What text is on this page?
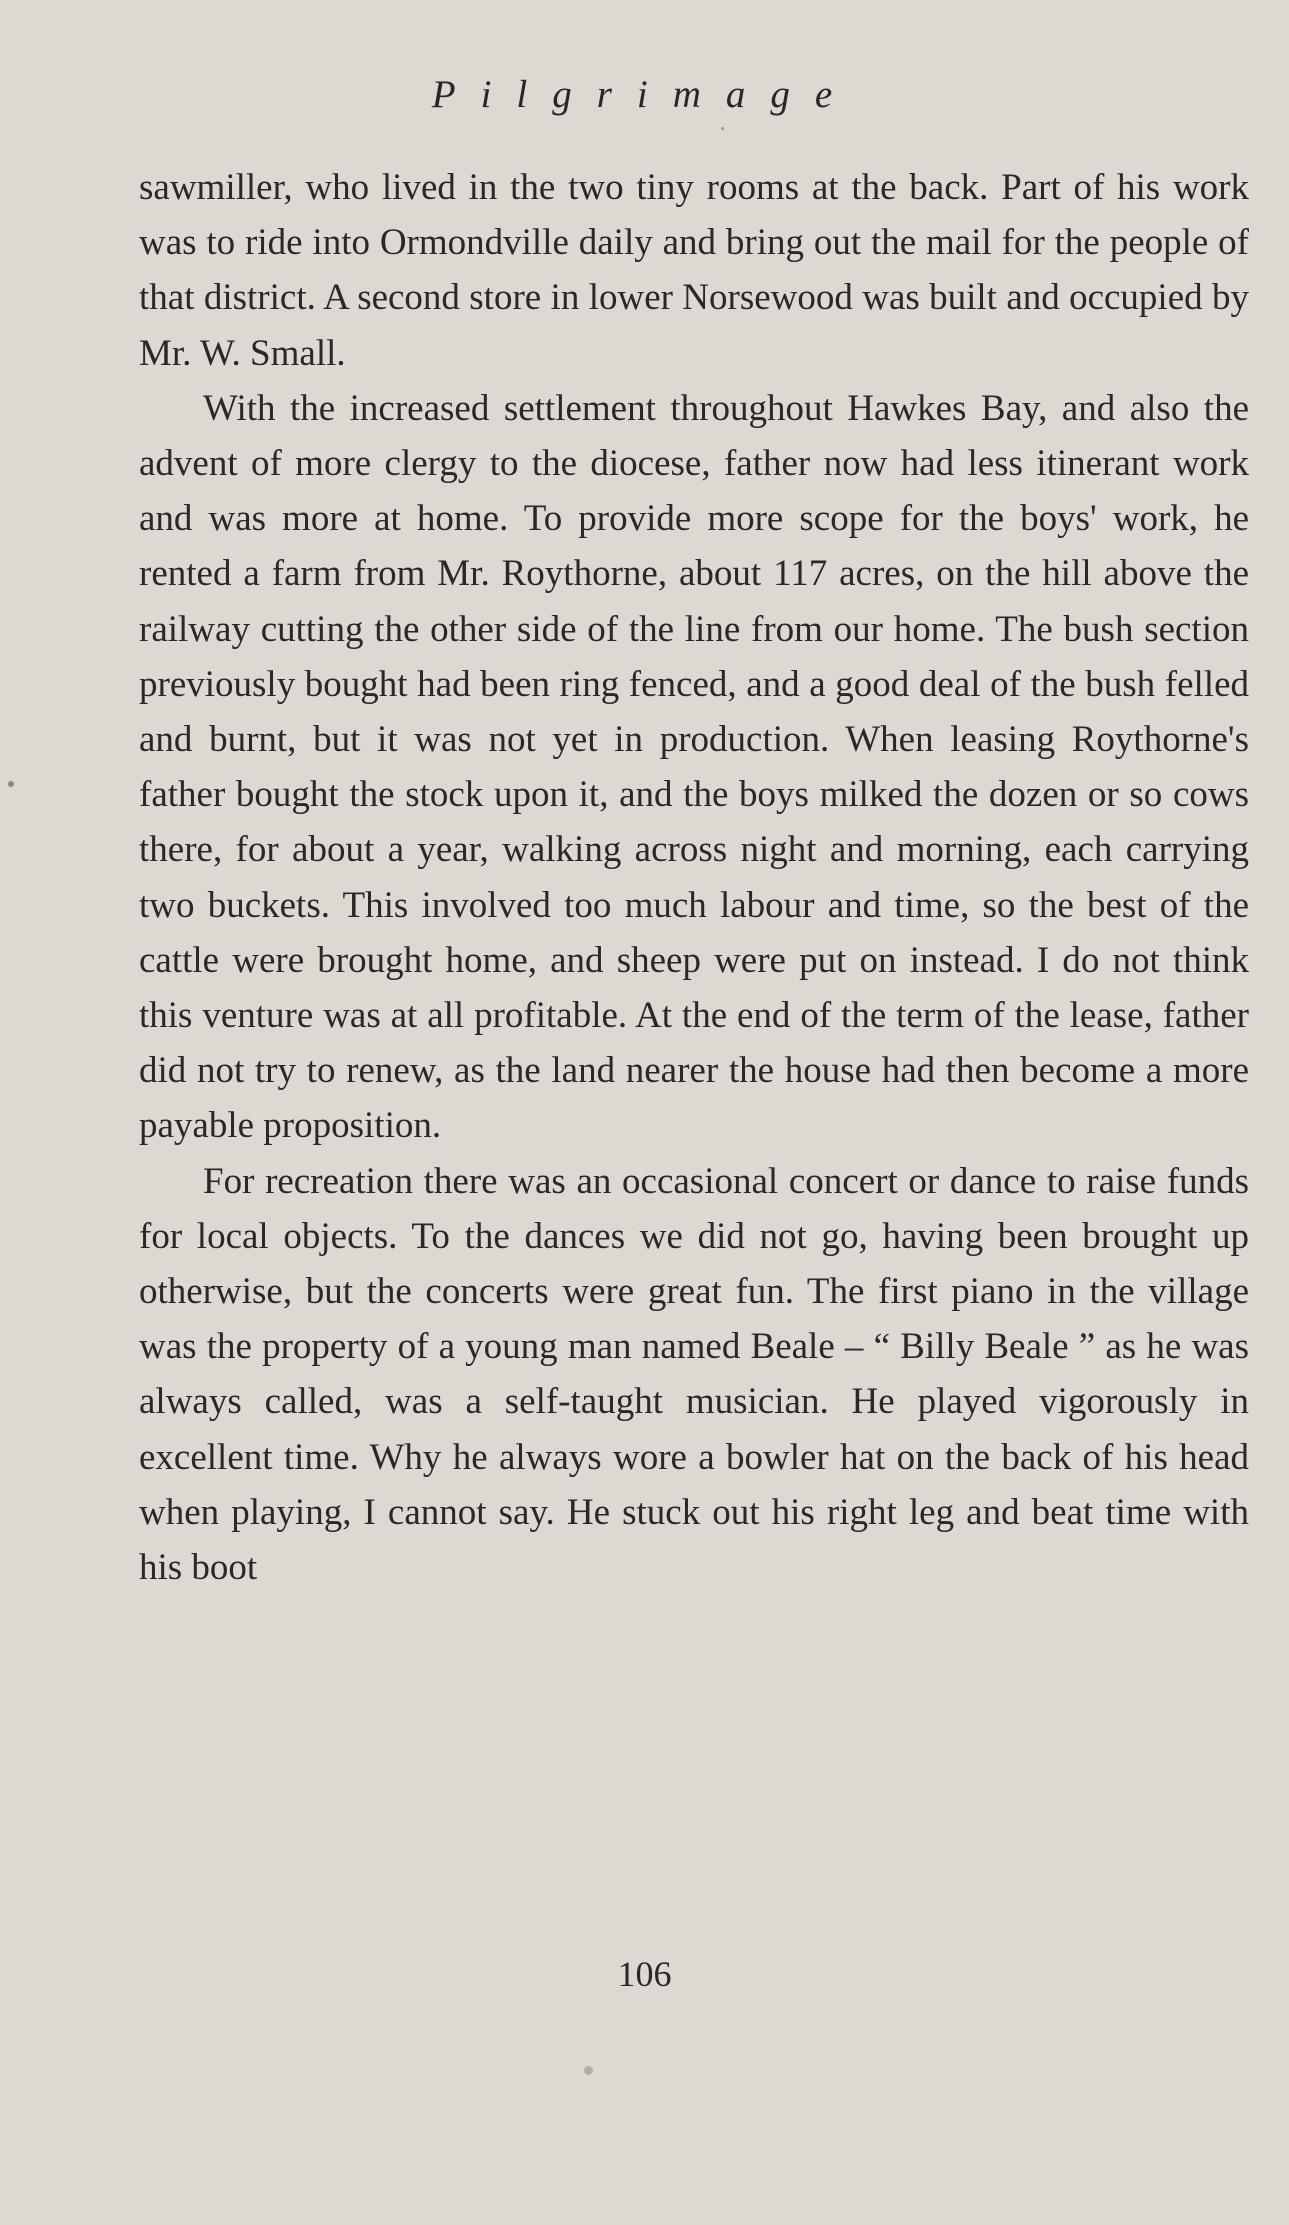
Pilgrimage

sawmiller, who lived in the two tiny rooms at the back. Part of his work was to ride into Ormondville daily and bring out the mail for the people of that district. A second store in lower Norsewood was built and occupied by Mr. W. Small.

With the increased settlement throughout Hawkes Bay, and also the advent of more clergy to the diocese, father now had less itinerant work and was more at home. To provide more scope for the boys' work, he rented a farm from Mr. Roythorne, about 117 acres, on the hill above the railway cutting the other side of the line from our home. The bush section previously bought had been ring fenced, and a good deal of the bush felled and burnt, but it was not yet in production. When leasing Roythorne's father bought the stock upon it, and the boys milked the dozen or so cows there, for about a year, walking across night and morning, each carrying two buckets. This involved too much labour and time, so the best of the cattle were brought home, and sheep were put on instead. I do not think this venture was at all profitable. At the end of the term of the lease, father did not try to renew, as the land nearer the house had then become a more payable proposition.

For recreation there was an occasional concert or dance to raise funds for local objects. To the dances we did not go, having been brought up otherwise, but the concerts were great fun. The first piano in the village was the property of a young man named Beale – “ Billy Beale ” as he was always called, was a self-taught musician. He played vigorously in excellent time. Why he always wore a bowler hat on the back of his head when playing, I cannot say. He stuck out his right leg and beat time with his boot

106
